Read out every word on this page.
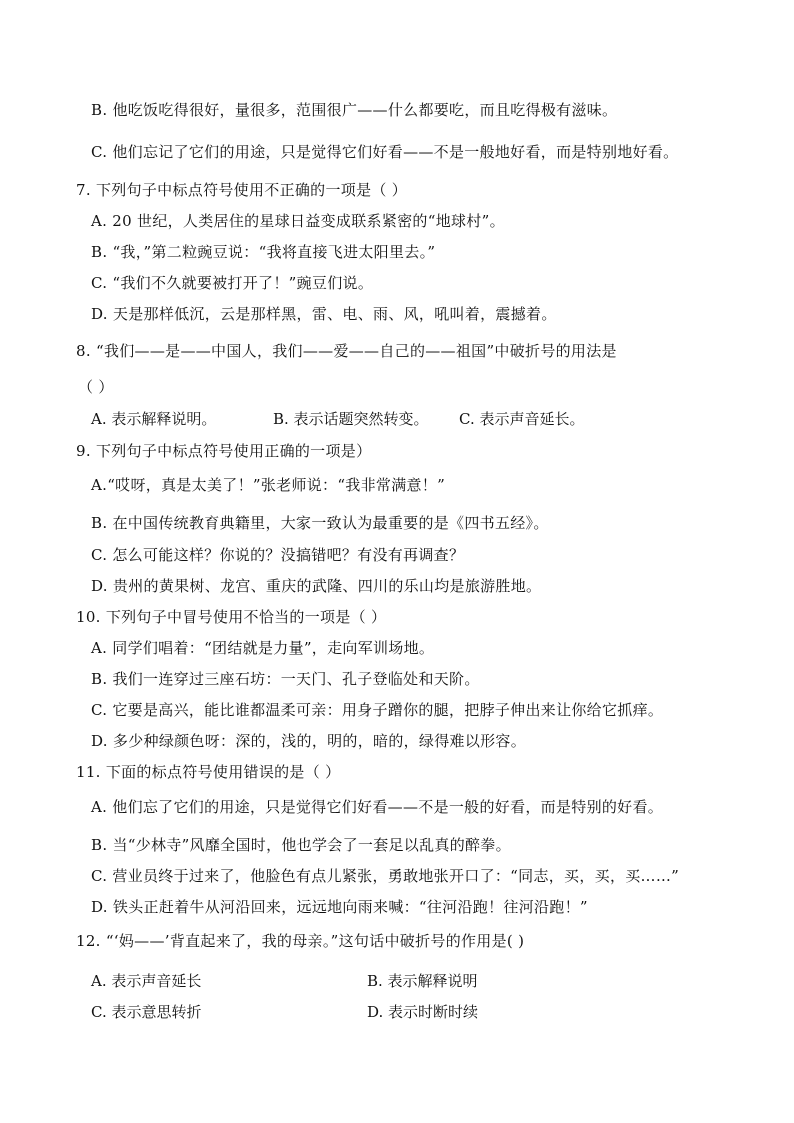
B. 他吃饭吃得很好，量很多，范围很广——什么都要吃，而且吃得极有滋味。
C. 他们忘记了它们的用途，只是觉得它们好看——不是一般地好看，而是特别地好看。
7. 下列句子中标点符号使用不正确的一项是（ ）
A. 20 世纪，人类居住的星球日益变成联系紧密的“地球村”。
B. “我，”第二粒豌豆说：“我将直接飞进太阳里去。”
C. “我们不久就要被打开了！”豌豆们说。
D. 天是那样低沉，云是那样黑，雷、电、雨、风，吼叫着，震撼着。
8. “我们——是——中国人，我们——爱——自己的——祖国”中破折号的用法是
（ ）
A. 表示解释说明。	B. 表示话题突然转变。 C. 表示声音延长。
9. 下列句子中标点符号使用正确的一项是）
A.“哎呀，真是太美了！”张老师说：“我非常满意！”
B. 在中国传统教育典籍里，大家一致认为最重要的是《四书五经》。
C. 怎么可能这样？你说的？没搞错吧？有没有再调查？
D. 贵州的黄果树、龙宫、重庆的武隆、四川的乐山均是旅游胜地。
10. 下列句子中冒号使用不恰当的一项是（ ）
A. 同学们唱着：“团结就是力量”，走向军训场地。
B. 我们一连穿过三座石坊：一天门、孔子登临处和天阶。
C. 它要是高兴，能比谁都温柔可亲：用身子蹭你的腿，把脖子伸出来让你给它抓痒。
D. 多少种绿颜色呀：深的，浅的，明的，暗的，绿得难以形容。
11. 下面的标点符号使用错误的是（ ）
A. 他们忘了它们的用途，只是觉得它们好看——不是一般的好看，而是特别的好看。
B. 当“少林寺”风靡全国时，他也学会了一套足以乱真的醉拳。
C. 营业员终于过来了，他脸色有点儿紧张，勇敢地张开口了：“同志，买，买，买……”
D. 铁头正赶着牛从河沿回来，远远地向雨来喊：“往河沿跑！往河沿跑！”
12. “‘妈——’背直起来了，我的母亲。”这句话中破折号的作用是( )
A. 表示声音延长	B. 表示解释说明
C. 表示意思转折	D. 表示时断时续
